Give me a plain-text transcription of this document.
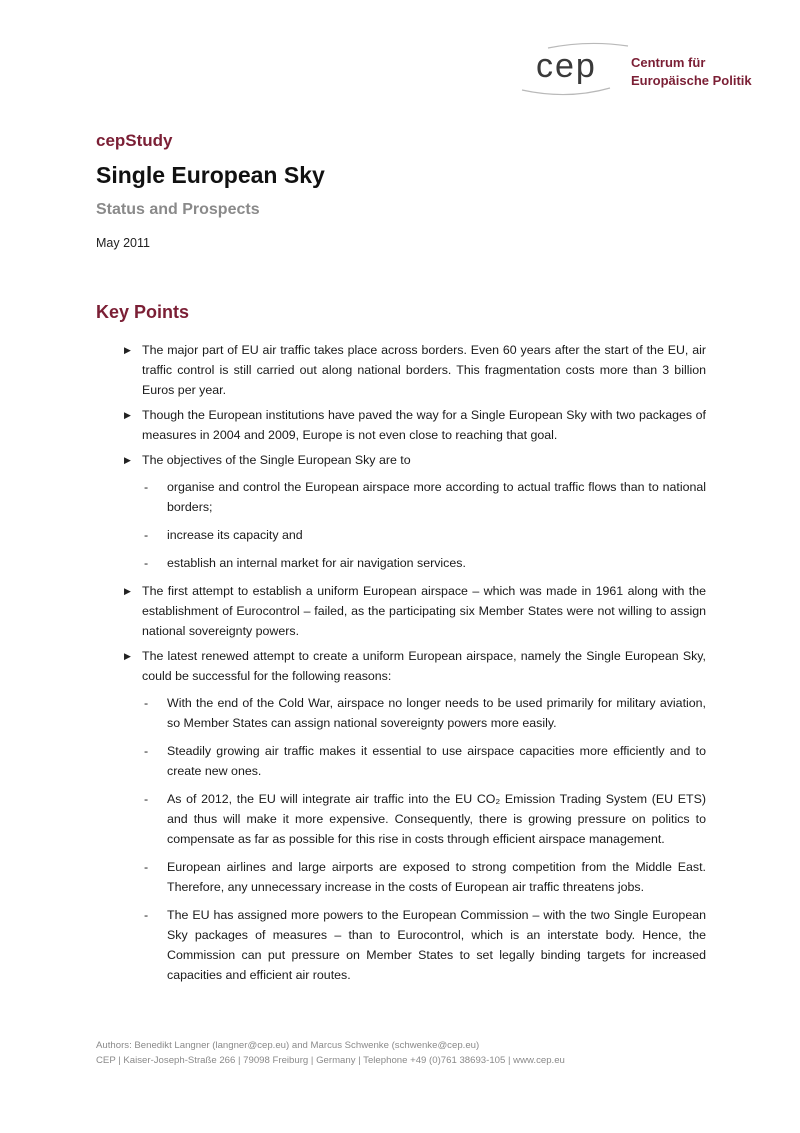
cep	Centrum für
Europäische Politik
cepStudy
Single European Sky
Status and Prospects
May 2011
Key Points
▶ The major part of EU air traffic takes place across borders. Even 60 years after the start of the EU, air traffic control is still carried out along national borders. This fragmentation costs more than 3 billion Euros per year.
▶ Though the European institutions have paved the way for a Single European Sky with two packages of measures in 2004 and 2009, Europe is not even close to reaching that goal.
▶ The objectives of the Single European Sky are to
- organise and control the European airspace more according to actual traffic flows than to national borders;
- increase its capacity and
- establish an internal market for air navigation services.
▶ The first attempt to establish a uniform European airspace – which was made in 1961 along with the establishment of Eurocontrol – failed, as the participating six Member States were not willing to assign national sovereignty powers.
▶ The latest renewed attempt to create a uniform European airspace, namely the Single European Sky, could be successful for the following reasons:
- With the end of the Cold War, airspace no longer needs to be used primarily for military aviation, so Member States can assign national sovereignty powers more easily.
- Steadily growing air traffic makes it essential to use airspace capacities more efficiently and to create new ones.
- As of 2012, the EU will integrate air traffic into the EU CO₂ Emission Trading System (EU ETS) and thus will make it more expensive. Consequently, there is growing pressure on politics to compensate as far as possible for this rise in costs through efficient airspace management.
- European airlines and large airports are exposed to strong competition from the Middle East. Therefore, any unnecessary increase in the costs of European air traffic threatens jobs.
- The EU has assigned more powers to the European Commission – with the two Single European Sky packages of measures – than to Eurocontrol, which is an interstate body. Hence, the Commission can put pressure on Member States to set legally binding targets for increased capacities and efficient air routes.
Authors: Benedikt Langner (langner@cep.eu) and Marcus Schwenke (schwenke@cep.eu)
CEP | Kaiser-Joseph-Straße 266 | 79098 Freiburg | Germany | Telephone +49 (0)761 38693-105 | www.cep.eu
